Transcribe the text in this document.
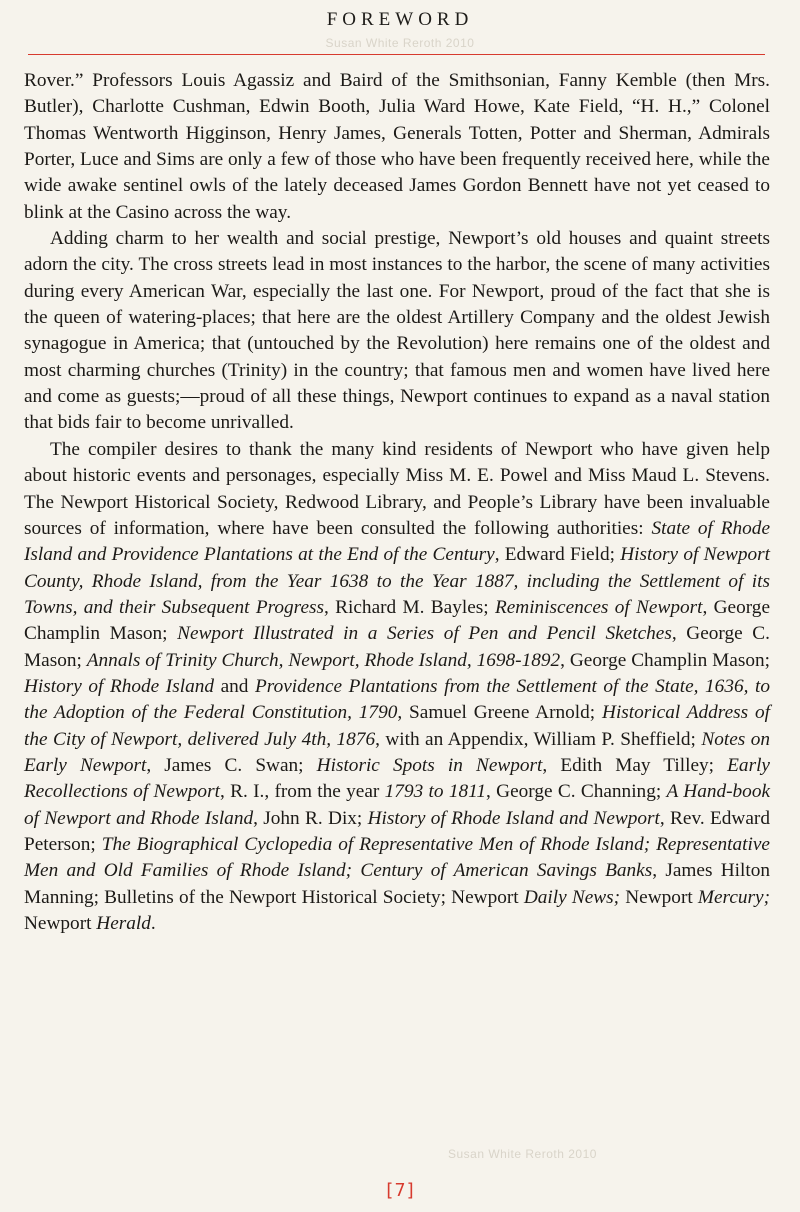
FOREWORD
Susan White Reroth 2010

Rover.” Professors Louis Agassiz and Baird of the Smithsonian, Fanny Kemble (then Mrs. Butler), Charlotte Cushman, Edwin Booth, Julia Ward Howe, Kate Field, “H. H.,” Colonel Thomas Wentworth Higginson, Henry James, Generals Totten, Potter and Sherman, Admirals Porter, Luce and Sims are only a few of those who have been frequently received here, while the wide awake sentinel owls of the lately deceased James Gordon Bennett have not yet ceased to blink at the Casino across the way.

Adding charm to her wealth and social prestige, Newport’s old houses and quaint streets adorn the city. The cross streets lead in most instances to the harbor, the scene of many activities during every American War, especially the last one. For Newport, proud of the fact that she is the queen of watering-places; that here are the oldest Artillery Company and the oldest Jewish synagogue in America; that (untouched by the Revolution) here remains one of the oldest and most charming churches (Trinity) in the country; that famous men and women have lived here and come as guests;—proud of all these things, Newport continues to expand as a naval station that bids fair to become unrivalled.

The compiler desires to thank the many kind residents of Newport who have given help about historic events and personages, especially Miss M. E. Powel and Miss Maud L. Stevens. The Newport Historical Society, Redwood Library, and People’s Library have been invaluable sources of information, where have been consulted the following authorities: State of Rhode Island and Providence Plantations at the End of the Century, Edward Field; History of Newport County, Rhode Island, from the Year 1638 to the Year 1887, including the Settlement of its Towns, and their Subsequent Progress, Richard M. Bayles; Reminiscences of Newport, George Champlin Mason; Newport Illustrated in a Series of Pen and Pencil Sketches, George C. Mason; Annals of Trinity Church, Newport, Rhode Island, 1698-1892, George Champlin Mason; History of Rhode Island and Providence Plantations from the Settlement of the State, 1636, to the Adoption of the Federal Constitution, 1790, Samuel Greene Arnold; Historical Address of the City of Newport, delivered July 4th, 1876, with an Appendix, William P. Sheffield; Notes on Early Newport, James C. Swan; Historic Spots in Newport, Edith May Tilley; Early Recollections of Newport, R. I., from the year 1793 to 1811, George C. Channing; A Hand-book of Newport and Rhode Island, John R. Dix; History of Rhode Island and Newport, Rev. Edward Peterson; The Biographical Cyclopedia of Representative Men of Rhode Island; Representative Men and Old Families of Rhode Island; Century of American Savings Banks, James Hilton Manning; Bulletins of the Newport Historical Society; Newport Daily News; Newport Mercury; Newport Herald.

Susan White Reroth 2010
[7]
